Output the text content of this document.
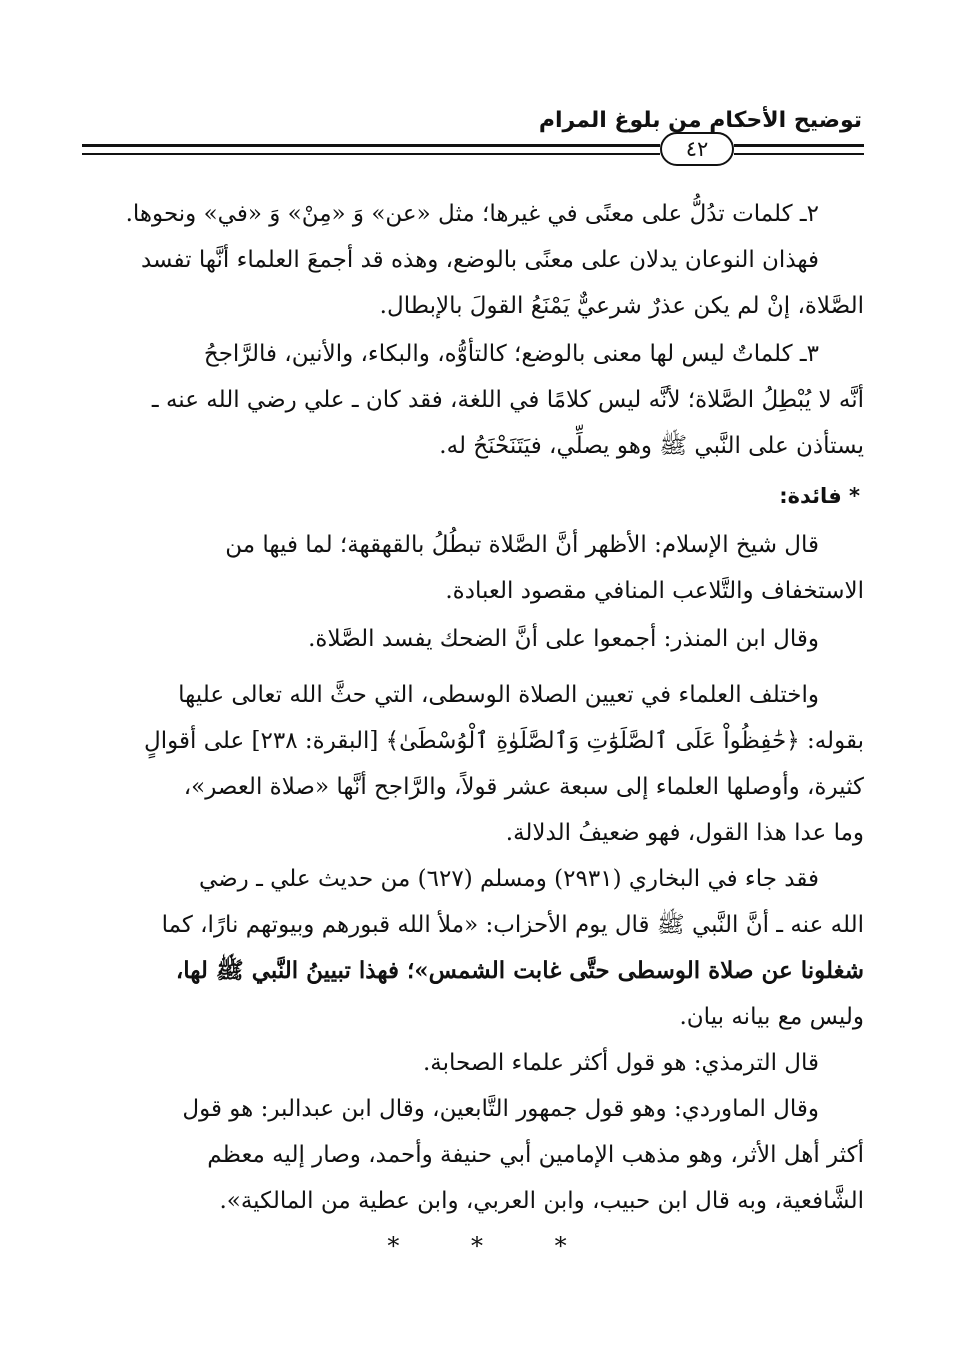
توضيح الأحكام من بلوغ المرام
٤٢
٢ـ كلمات تدُلُّ على معنًى في غيرها؛ مثل «عن» وَ «مِنْ» وَ «في» ونحوها.
فهذان النوعان يدلان على معنًى بالوضع، وهذه قد أجمعَ العلماء أنَّها تفسد
الصَّلاة، إنْ لم يكن عذرٌ شرعيٌّ يَمْنَعُ القولَ بالإبطال.
٣ـ كلماتٌ ليس لها معنى بالوضع؛ كالتأوُّه، والبكاء، والأنين، فالرَّاجحُ
أنَّه لا يُبْطِلُ الصَّلاة؛ لأنَّه ليس كلامًا في اللغة، فقد كان ـ علي رضي الله عنه ـ
يستأذن على النَّبي ﷺ وهو يصلِّي، فيَتَنَحْنَحُ له.
* فائدة:
قال شيخ الإسلام: الأظهر أنَّ الصَّلاة تبطُلُ بالقهقهة؛ لما فيها من
الاستخفاف والتَّلاعب المنافي مقصود العبادة.
وقال ابن المنذر: أجمعوا على أنَّ الضحك يفسد الصَّلاة.
واختلف العلماء في تعيين الصلاة الوسطى، التي حثَّ الله تعالى عليها
بقوله: ﴿حَٰفِظُواْ عَلَى ٱلصَّلَوَٰتِ وَٱلصَّلَوٰةِ ٱلْوُسْطَىٰ﴾ [البقرة: ٢٣٨] على أقوالٍ
كثيرة، وأوصلها العلماء إلى سبعة عشر قولاً، والرَّاجح أنَّها «صلاة العصر»،
وما عدا هذا القول، فهو ضعيفُ الدلالة.
فقد جاء في البخاري (٢٩٣١) ومسلم (٦٢٧) من حديث علي ـ رضي
الله عنه ـ أنَّ النَّبي ﷺ قال يوم الأحزاب: «ملأ الله قبورهم وبيوتهم نارًا، كما
شغلونا عن صلاة الوسطى حتَّى غابت الشمس»؛ فهذا تبيينُ النَّبي ﷺ لها،
وليس مع بيانه بيان.
قال الترمذي: هو قول أكثر علماء الصحابة.
وقال الماوردي: وهو قول جمهور التَّابعين، وقال ابن عبدالبر: هو قول
أكثر أهل الأثر، وهو مذهب الإمامين أبي حنيفة وأحمد، وصار إليه معظم
الشَّافعية، وبه قال ابن حبيب، وابن العربي، وابن عطية من المالكية».
* * *
